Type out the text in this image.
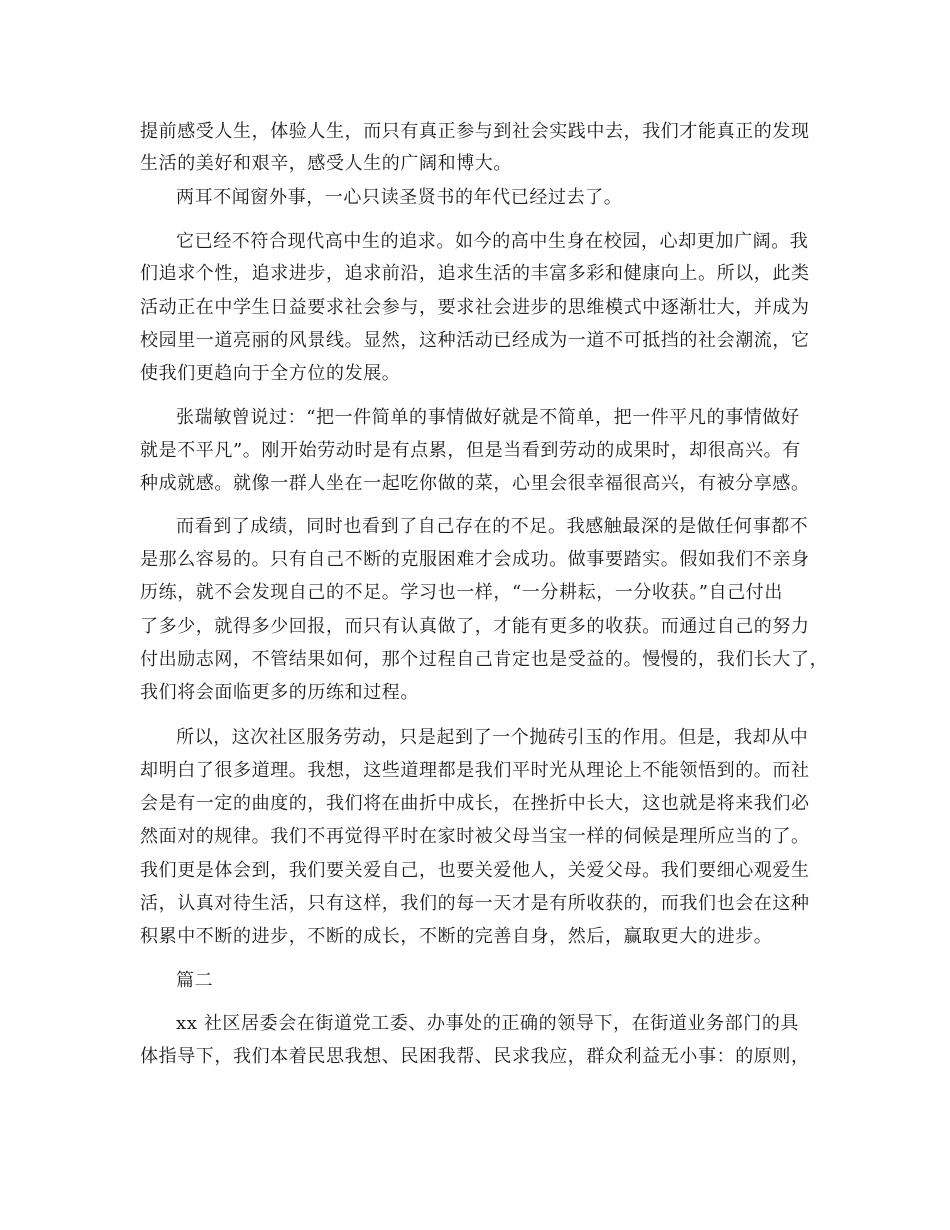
提前感受人生，体验人生，而只有真正参与到社会实践中去，我们才能真正的发现
生活的美好和艰辛，感受人生的广阔和博大。
两耳不闻窗外事，一心只读圣贤书的年代已经过去了。
它已经不符合现代高中生的追求。如今的高中生身在校园，心却更加广阔。我
们追求个性，追求进步，追求前沿，追求生活的丰富多彩和健康向上。所以，此类
活动正在中学生日益要求社会参与，要求社会进步的思维模式中逐渐壮大，并成为
校园里一道亮丽的风景线。显然，这种活动已经成为一道不可抵挡的社会潮流，它
使我们更趋向于全方位的发展。
张瑞敏曾说过：“把一件简单的事情做好就是不简单，把一件平凡的事情做好
就是不平凡”。刚开始劳动时是有点累，但是当看到劳动的成果时，却很高兴。有
种成就感。就像一群人坐在一起吃你做的菜，心里会很幸福很高兴，有被分享感。
而看到了成绩，同时也看到了自己存在的不足。我感触最深的是做任何事都不
是那么容易的。只有自己不断的克服困难才会成功。做事要踏实。假如我们不亲身
历练，就不会发现自己的不足。学习也一样，“一分耕耘，一分收获。”自己付出
了多少，就得多少回报，而只有认真做了，才能有更多的收获。而通过自己的努力
付出励志网，不管结果如何，那个过程自己肯定也是受益的。慢慢的，我们长大了，
我们将会面临更多的历练和过程。
所以，这次社区服务劳动，只是起到了一个抛砖引玉的作用。但是，我却从中
却明白了很多道理。我想，这些道理都是我们平时光从理论上不能领悟到的。而社
会是有一定的曲度的，我们将在曲折中成长，在挫折中长大，这也就是将来我们必
然面对的规律。我们不再觉得平时在家时被父母当宝一样的伺候是理所应当的了。
我们更是体会到，我们要关爱自己，也要关爱他人，关爱父母。我们要细心观爱生
活，认真对待生活，只有这样，我们的每一天才是有所收获的，而我们也会在这种
积累中不断的进步，不断的成长，不断的完善自身，然后，赢取更大的进步。
篇二
xx 社区居委会在街道党工委、办事处的正确的领导下，在街道业务部门的具
体指导下，我们本着民思我想、民困我帮、民求我应，群众利益无小事：的原则，
